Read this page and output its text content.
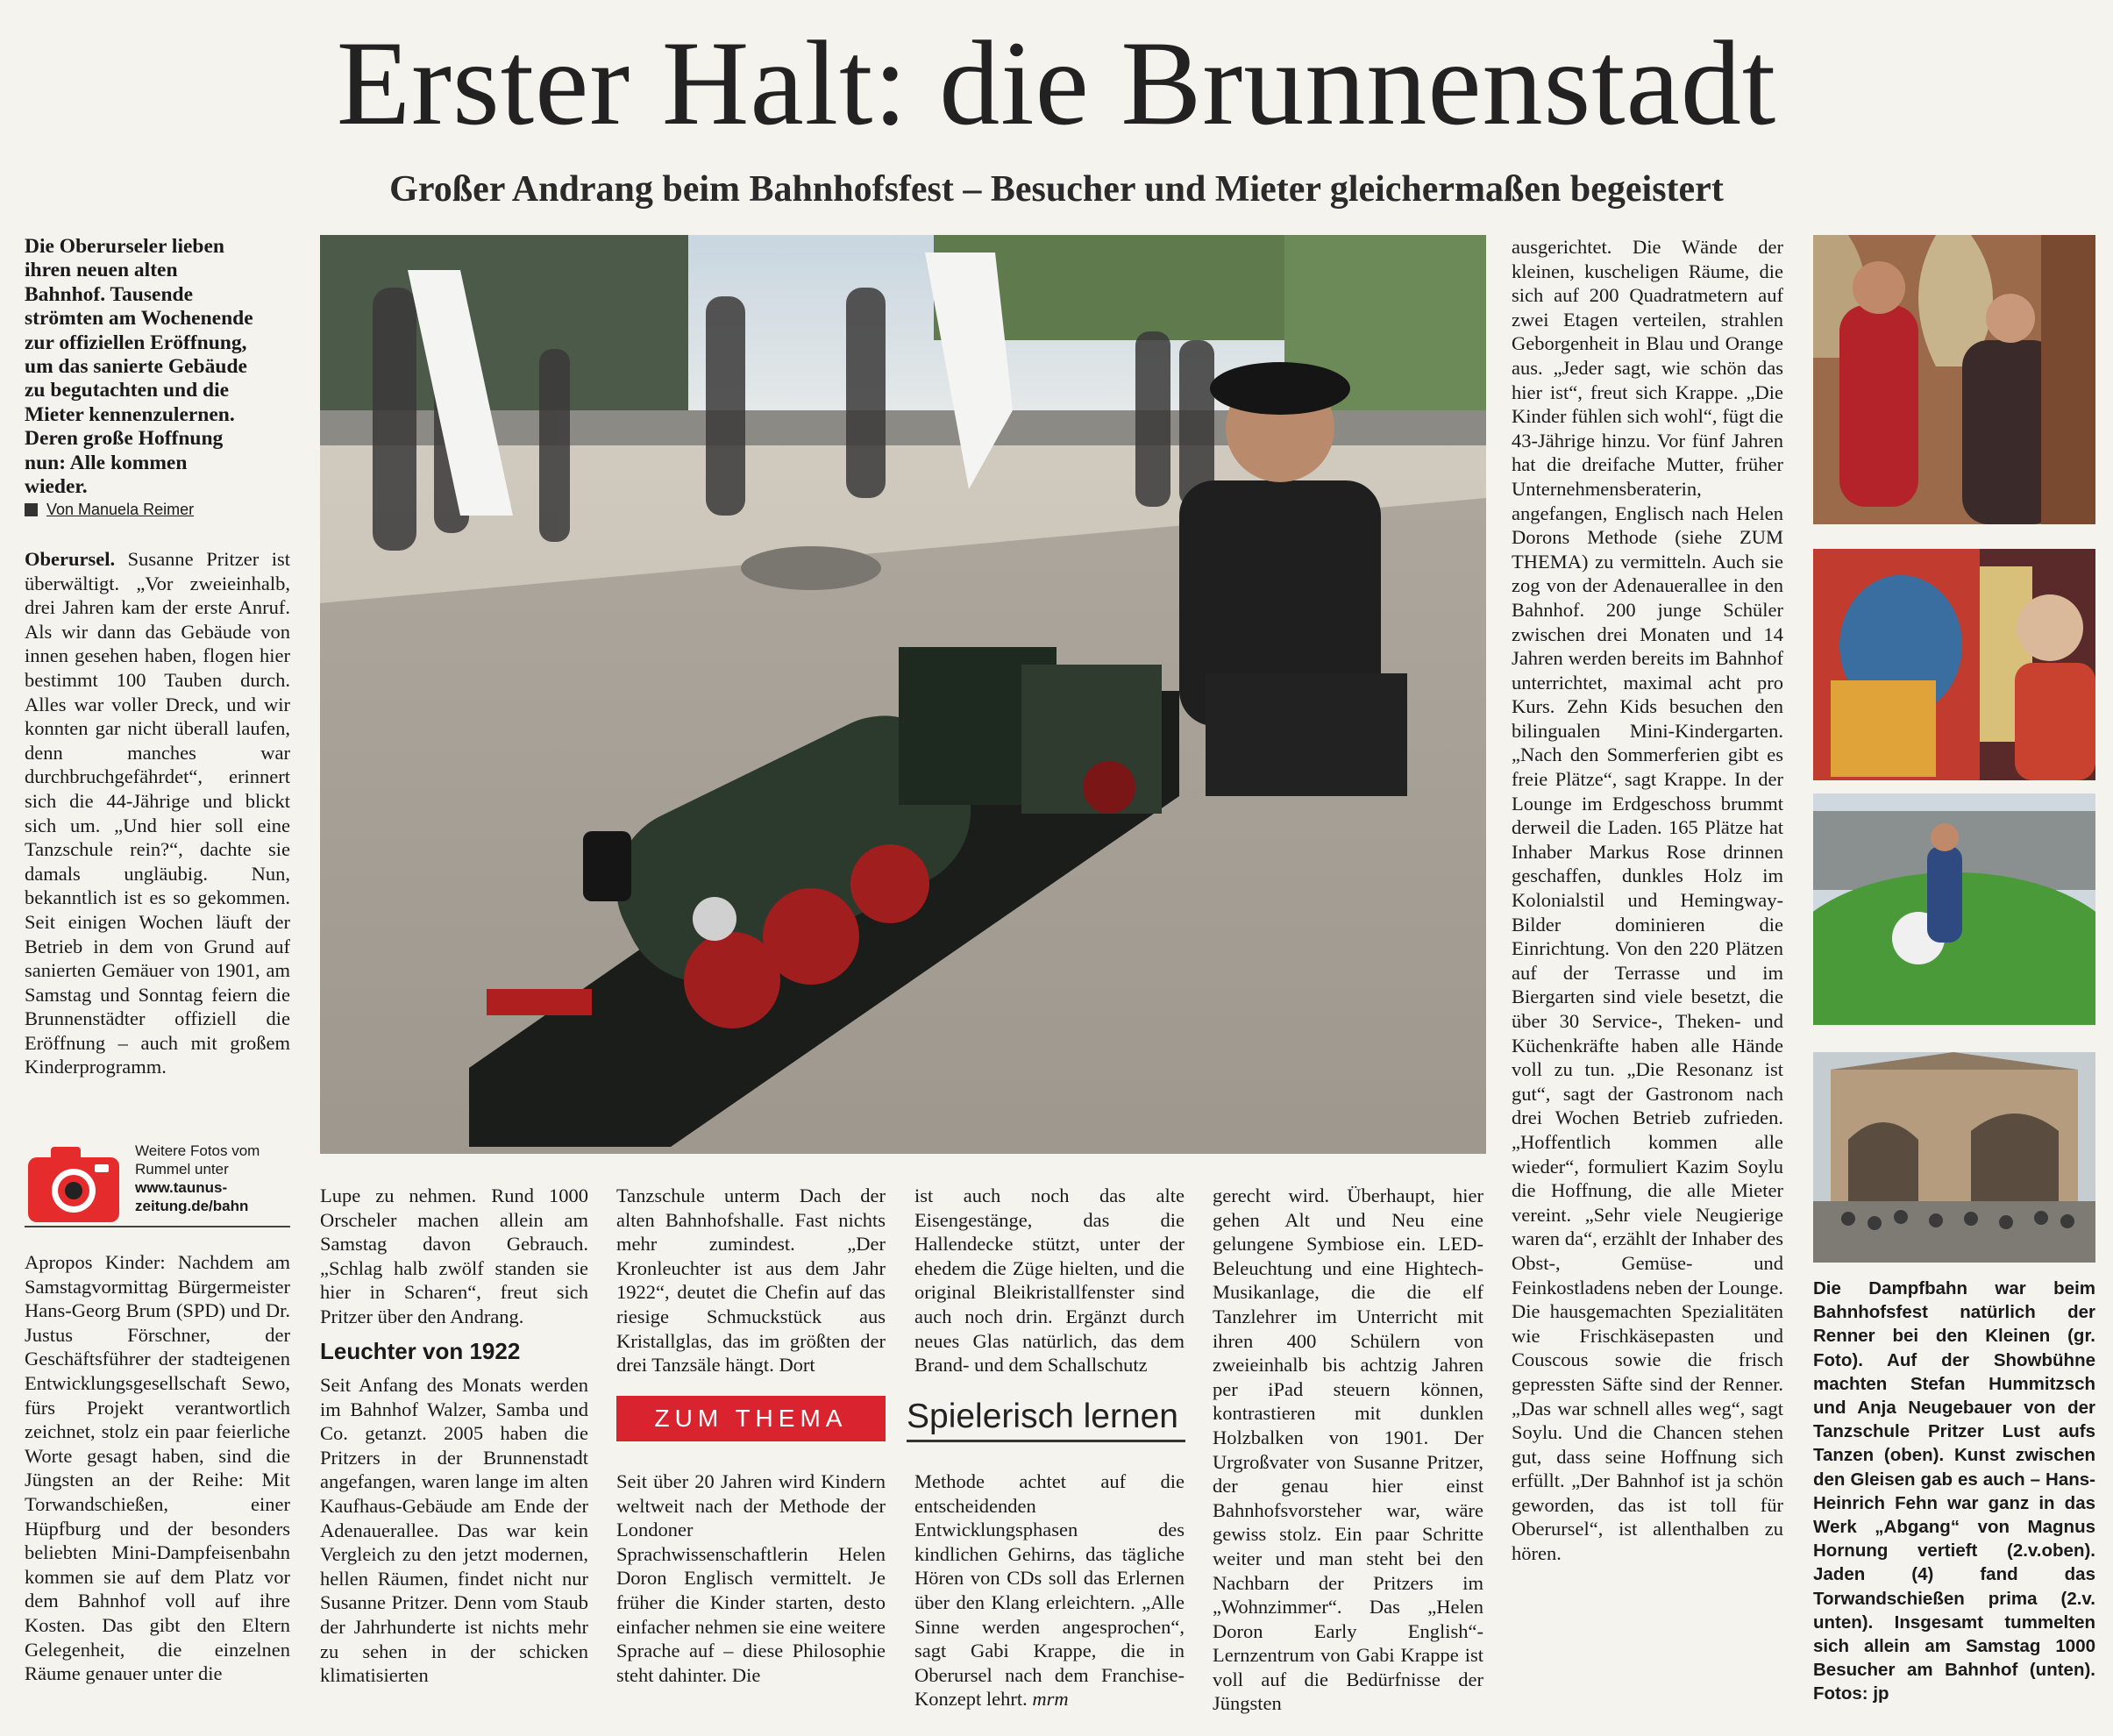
Erster Halt: die Brunnenstadt
Großer Andrang beim Bahnhofsfest – Besucher und Mieter gleichermaßen begeistert
Die Oberurseler lieben ihren neuen alten Bahnhof. Tausende strömten am Wochenende zur offiziellen Eröffnung, um das sanierte Gebäude zu begutachten und die Mieter kennenzulernen. Deren große Hoffnung nun: Alle kommen wieder.
Von Manuela Reimer

Oberursel. Susanne Pritzer ist überwältigt. „Vor zweieinhalb, drei Jahren kam der erste Anruf. Als wir dann das Gebäude von innen gesehen haben, flogen hier bestimmt 100 Tauben durch. Alles war voller Dreck, und wir konnten gar nicht überall laufen, denn manches war durchbruchgefährdet“, erinnert sich die 44-Jährige und blickt sich um. „Und hier soll eine Tanzschule rein?“, dachte sie damals ungläubig. Nun, bekanntlich ist es so gekommen. Seit einigen Wochen läuft der Betrieb in dem von Grund auf sanierten Gemäuer von 1901, am Samstag und Sonntag feiern die Brunnenstädter offiziell die Eröffnung – auch mit großem Kinderprogramm.

Weitere Fotos vom
Rummel unter
www.taunus-
zeitung.de/bahn
Apropos Kinder: Nachdem am Samstagvormittag Bürgermeister Hans-Georg Brum (SPD) und Dr. Justus Förschner, der Geschäftsführer der stadteigenen Entwicklungsgesellschaft Sewo, fürs Projekt verantwortlich zeichnet, stolz ein paar feierliche Worte gesagt haben, sind die Jüngsten an der Reihe: Mit Torwandschießen, einer Hüpfburg und der besonders beliebten Mini-Dampfeisenbahn kommen sie auf dem Platz vor dem Bahnhof voll auf ihre Kosten. Das gibt den Eltern Gelegenheit, die einzelnen Räume genauer unter die
Lupe zu nehmen. Rund 1000 Orscheler machen allein am Samstag davon Gebrauch. „Schlag halb zwölf standen sie hier in Scharen“, freut sich Pritzer über den Andrang.
Leuchter von 1922
Seit Anfang des Monats werden im Bahnhof Walzer, Samba und Co. getanzt. 2005 haben die Pritzers in der Brunnenstadt angefangen, waren lange im alten Kaufhaus-Gebäude am Ende der Adenauerallee. Das war kein Vergleich zu den jetzt modernen, hellen Räumen, findet nicht nur Susanne Pritzer. Denn vom Staub der Jahrhunderte ist nichts mehr zu sehen in der schicken klimatisierten
Tanzschule unterm Dach der alten Bahnhofshalle. Fast nichts mehr zumindest. „Der Kronleuchter ist aus dem Jahr 1922“, deutet die Chefin auf das riesige Schmuckstück aus Kristallglas, das im größten der drei Tanzsäle hängt. Dort
ZUM THEMA
Seit über 20 Jahren wird Kindern weltweit nach der Methode der Londoner Sprachwissenschaftlerin Helen Doron Englisch vermittelt. Je früher die Kinder starten, desto einfacher nehmen sie eine weitere Sprache auf – diese Philosophie steht dahinter. Die
ist auch noch das alte Eisengestänge, das die Hallendecke stützt, unter der ehedem die Züge hielten, und die original Bleikristallfenster sind auch noch drin. Ergänzt durch neues Glas natürlich, das dem Brand- und dem Schallschutz
Spielerisch lernen
Methode achtet auf die entscheidenden Entwicklungsphasen des kindlichen Gehirns, das tägliche Hören von CDs soll das Erlernen über den Klang erleichtern. „Alle Sinne werden angesprochen“, sagt Gabi Krappe, die in Oberursel nach dem Franchise-Konzept lehrt. mrm
gerecht wird. Überhaupt, hier gehen Alt und Neu eine gelungene Symbiose ein. LED-Beleuchtung und eine Hightech-Musikanlage, die die elf Tanzlehrer im Unterricht mit ihren 400 Schülern von zweieinhalb bis achtzig Jahren per iPad steuern können, kontrastieren mit dunklen Holzbalken von 1901. Der Urgroßvater von Susanne Pritzer, der genau hier einst Bahnhofsvorsteher war, wäre gewiss stolz. Ein paar Schritte weiter und man steht bei den Nachbarn der Pritzers im „Wohnzimmer“. Das „Helen Doron Early English“-Lernzentrum von Gabi Krappe ist voll auf die Bedürfnisse der Jüngsten
ausgerichtet. Die Wände der kleinen, kuscheligen Räume, die sich auf 200 Quadratmetern auf zwei Etagen verteilen, strahlen Geborgenheit in Blau und Orange aus. „Jeder sagt, wie schön das hier ist“, freut sich Krappe. „Die Kinder fühlen sich wohl“, fügt die 43-Jährige hinzu. Vor fünf Jahren hat die dreifache Mutter, früher Unternehmensberaterin, angefangen, Englisch nach Helen Dorons Methode (siehe ZUM THEMA) zu vermitteln. Auch sie zog von der Adenauerallee in den Bahnhof. 200 junge Schüler zwischen drei Monaten und 14 Jahren werden bereits im Bahnhof unterrichtet, maximal acht pro Kurs. Zehn Kids besuchen den bilingualen Mini-Kindergarten. „Nach den Sommerferien gibt es freie Plätze“, sagt Krappe. In der Lounge im Erdgeschoss brummt derweil die Laden. 165 Plätze hat Inhaber Markus Rose drinnen geschaffen, dunkles Holz im Kolonialstil und Hemingway-Bilder dominieren die Einrichtung. Von den 220 Plätzen auf der Terrasse und im Biergarten sind viele besetzt, die über 30 Service-, Theken- und Küchenkräfte haben alle Hände voll zu tun. „Die Resonanz ist gut“, sagt der Gastronom nach drei Wochen Betrieb zufrieden. „Hoffentlich kommen alle wieder“, formuliert Kazim Soylu die Hoffnung, die alle Mieter vereint. „Sehr viele Neugierige waren da“, erzählt der Inhaber des Obst-, Gemüse- und Feinkostladens neben der Lounge. Die hausgemachten Spezialitäten wie Frischkäsepasten und Couscous sowie die frisch gepressten Säfte sind der Renner. „Das war schnell alles weg“, sagt Soylu. Und die Chancen stehen gut, dass seine Hoffnung sich erfüllt. „Der Bahnhof ist ja schön geworden, das ist toll für Oberursel“, ist allenthalben zu hören.
Die Dampfbahn war beim Bahnhofsfest natürlich der Renner bei den Kleinen (gr. Foto). Auf der Showbühne machten Stefan Hummitzsch und Anja Neugebauer von der Tanzschule Pritzer Lust aufs Tanzen (oben). Kunst zwischen den Gleisen gab es auch – Hans-Heinrich Fehn war ganz in das Werk „Abgang“ von Magnus Hornung vertieft (2.v.oben). Jaden (4) fand das Torwandschießen prima (2.v. unten). Insgesamt tummelten sich allein am Samstag 1000 Besucher am Bahnhof (unten). Fotos: jp
